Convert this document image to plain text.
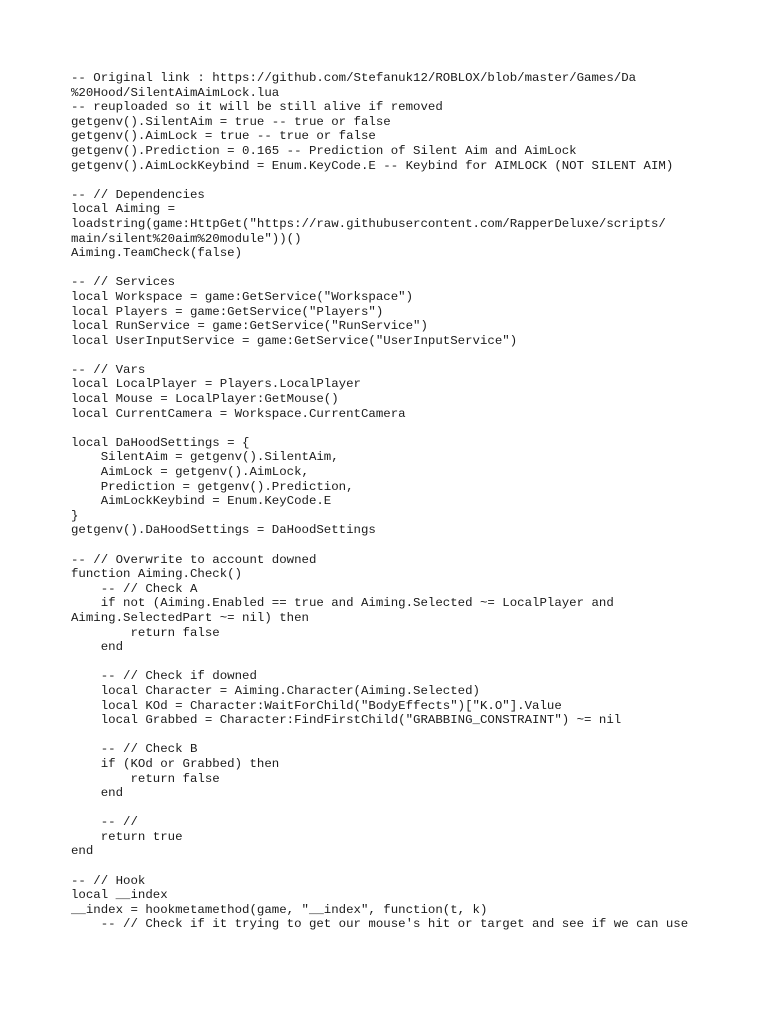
-- Original link : https://github.com/Stefanuk12/ROBLOX/blob/master/Games/Da
%20Hood/SilentAimAimLock.lua
-- reuploaded so it will be still alive if removed
getgenv().SilentAim = true -- true or false
getgenv().AimLock = true -- true or false
getgenv().Prediction = 0.165 -- Prediction of Silent Aim and AimLock
getgenv().AimLockKeybind = Enum.KeyCode.E -- Keybind for AIMLOCK (NOT SILENT AIM)
-- // Dependencies
local Aiming =
loadstring(game:HttpGet("https://raw.githubusercontent.com/RapperDeluxe/scripts/
main/silent%20aim%20module"))()
Aiming.TeamCheck(false)
-- // Services
local Workspace = game:GetService("Workspace")
local Players = game:GetService("Players")
local RunService = game:GetService("RunService")
local UserInputService = game:GetService("UserInputService")
-- // Vars
local LocalPlayer = Players.LocalPlayer
local Mouse = LocalPlayer:GetMouse()
local CurrentCamera = Workspace.CurrentCamera
local DaHoodSettings = {
SilentAim = getgenv().SilentAim,
AimLock = getgenv().AimLock,
Prediction = getgenv().Prediction,
AimLockKeybind = Enum.KeyCode.E
}
getgenv().DaHoodSettings = DaHoodSettings
-- // Overwrite to account downed
function Aiming.Check()
-- // Check A
if not (Aiming.Enabled == true and Aiming.Selected ~= LocalPlayer and
Aiming.SelectedPart ~= nil) then
return false
end
-- // Check if downed
local Character = Aiming.Character(Aiming.Selected)
local KOd = Character:WaitForChild("BodyEffects")["K.O"].Value
local Grabbed = Character:FindFirstChild("GRABBING_CONSTRAINT") ~= nil
-- // Check B
if (KOd or Grabbed) then
return false
end
-- //
return true
end
-- // Hook
local __index
__index = hookmetamethod(game, "__index", function(t, k)
-- // Check if it trying to get our mouse's hit or target and see if we can use
